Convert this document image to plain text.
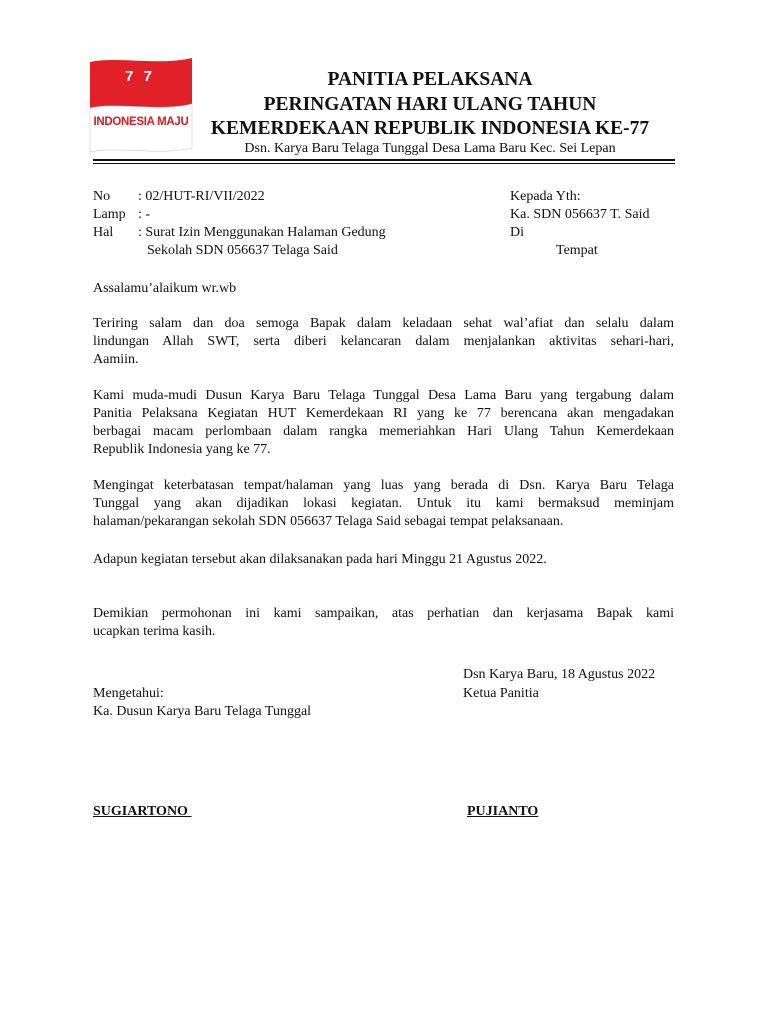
7 7
INDONESIA MAJU
PANITIA PELAKSANA
PERINGATAN HARI ULANG TAHUN
KEMERDEKAAN REPUBLIK INDONESIA KE-77
Dsn. Karya Baru Telaga Tunggal Desa Lama Baru Kec. Sei Lepan
No : 02/HUT-RI/VII/2022
Lamp : -
Hal : Surat Izin Menggunakan Halaman Gedung
Sekolah SDN 056637 Telaga Said
Kepada Yth:
Ka. SDN 056637 T. Said
Di
Tempat
Assalamu’alaikum wr.wb
Teriring salam dan doa semoga Bapak dalam keladaan sehat wal’afiat dan selalu dalam
lindungan Allah SWT, serta diberi kelancaran dalam menjalankan aktivitas sehari-hari,
Aamiin.
Kami muda-mudi Dusun Karya Baru Telaga Tunggal Desa Lama Baru yang tergabung dalam
Panitia Pelaksana Kegiatan HUT Kemerdekaan RI yang ke 77 berencana akan mengadakan
berbagai macam perlombaan dalam rangka memeriahkan Hari Ulang Tahun Kemerdekaan
Republik Indonesia yang ke 77.
Mengingat keterbatasan tempat/halaman yang luas yang berada di Dsn. Karya Baru Telaga
Tunggal yang akan dijadikan lokasi kegiatan. Untuk itu kami bermaksud meminjam
halaman/pekarangan sekolah SDN 056637 Telaga Said sebagai tempat pelaksanaan.
Adapun kegiatan tersebut akan dilaksanakan pada hari Minggu 21 Agustus 2022.
Demikian permohonan ini kami sampaikan, atas perhatian dan kerjasama Bapak kami
ucapkan terima kasih.
Dsn Karya Baru, 18 Agustus 2022
Ketua Panitia
Mengetahui:
Ka. Dusun Karya Baru Telaga Tunggal
SUGIARTONO	PUJIANTO
